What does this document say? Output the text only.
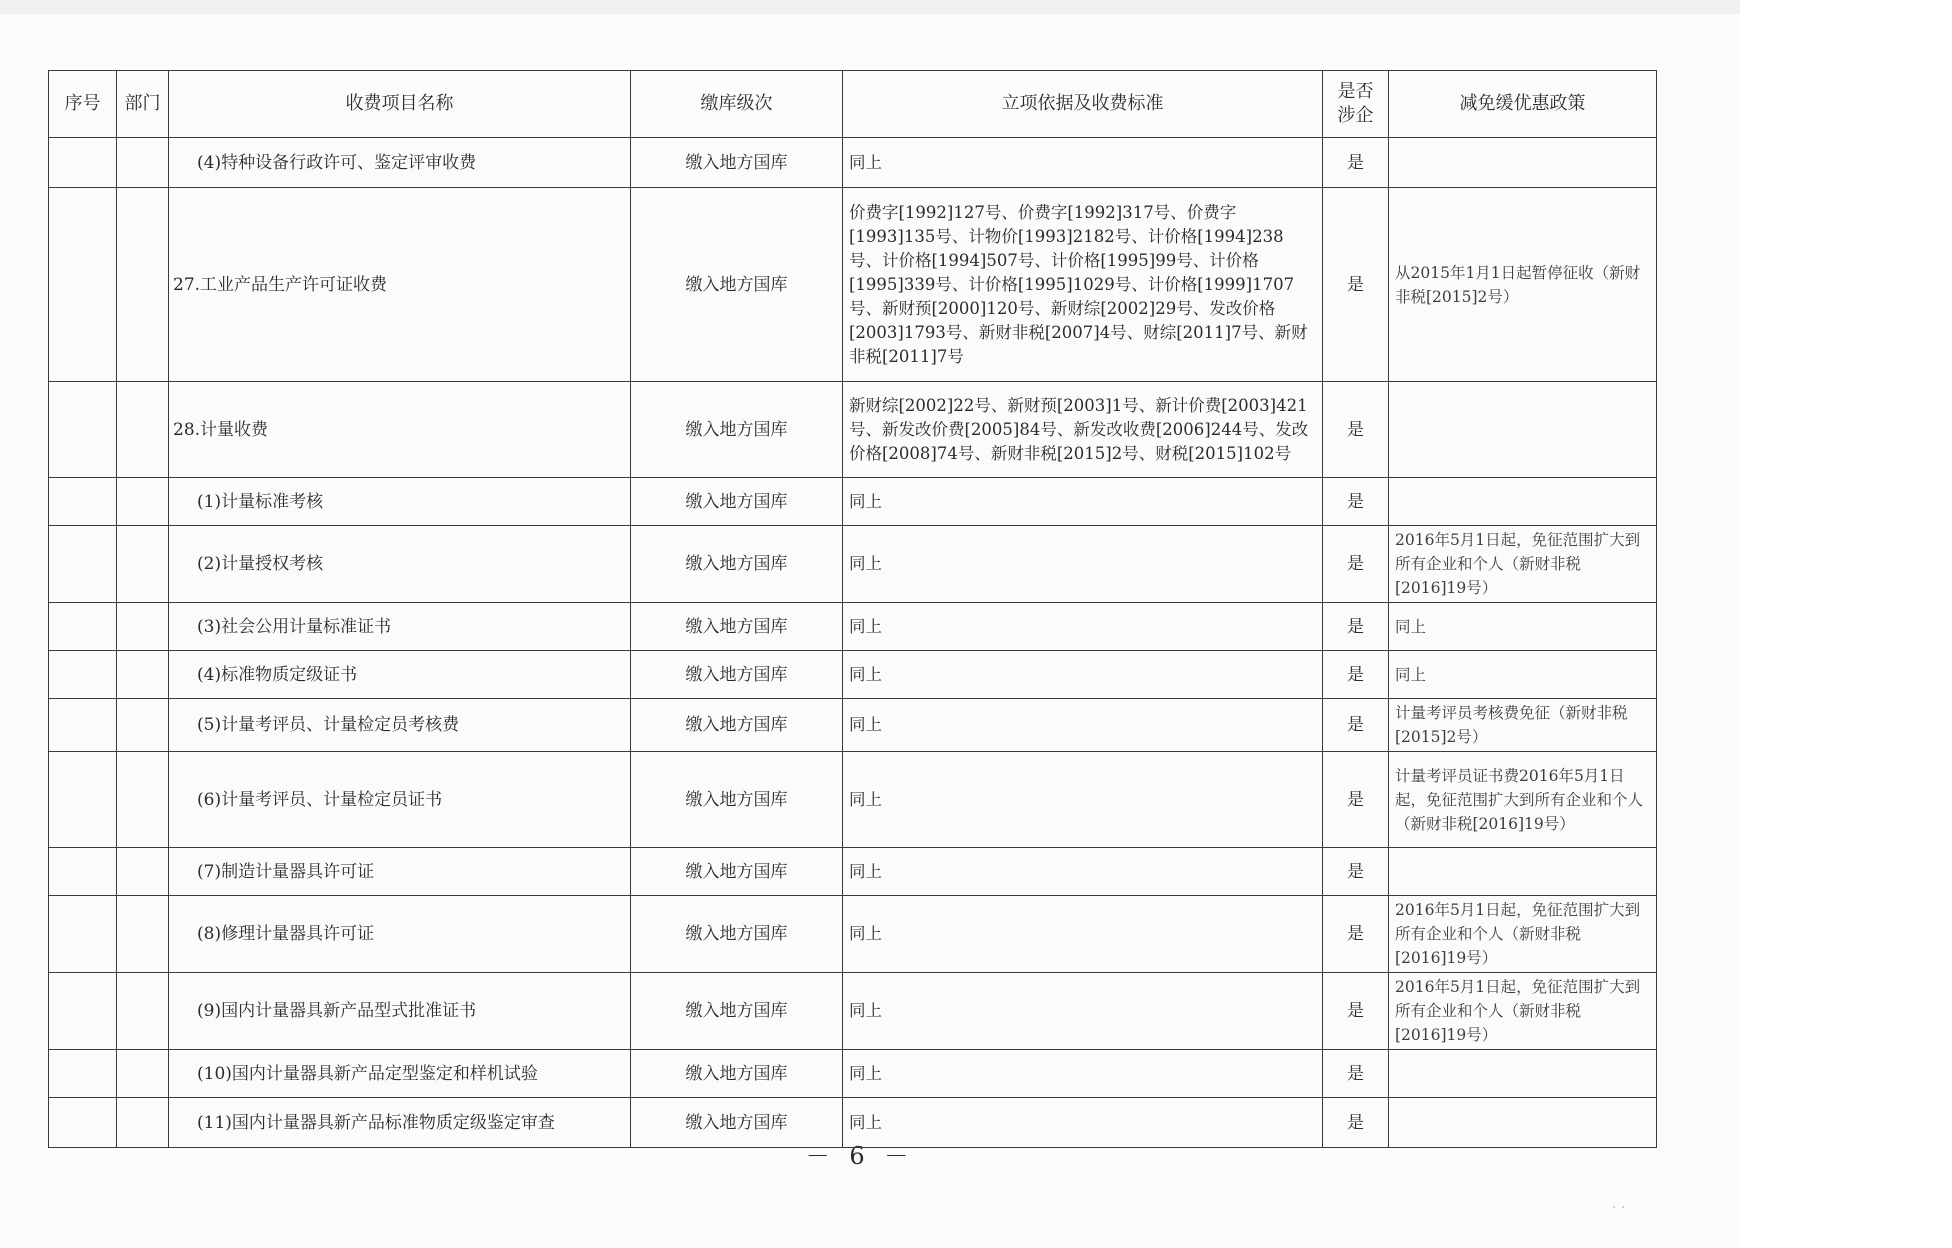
序号	部门	收费项目名称	缴库级次	立项依据及收费标准	是否涉企	减免缓优惠政策
		(4)特种设备行政许可、鉴定评审收费	缴入地方国库	同上	是	
		27.工业产品生产许可证收费	缴入地方国库	价费字[1992]127号、价费字[1992]317号、价费字[1993]135号、计物价[1993]2182号、计价格[1994]238号、计价格[1994]507号、计价格[1995]99号、计价格[1995]339号、计价格[1995]1029号、计价格[1999]1707号、新财预[2000]120号、新财综[2002]29号、发改价格[2003]1793号、新财非税[2007]4号、财综[2011]7号、新财非税[2011]7号	是	从2015年1月1日起暂停征收（新财非税[2015]2号）
		28.计量收费	缴入地方国库	新财综[2002]22号、新财预[2003]1号、新计价费[2003]421号、新发改价费[2005]84号、新发改收费[2006]244号、发改价格[2008]74号、新财非税[2015]2号、财税[2015]102号	是	
		(1)计量标准考核	缴入地方国库	同上	是	
		(2)计量授权考核	缴入地方国库	同上	是	2016年5月1日起，免征范围扩大到所有企业和个人（新财非税[2016]19号）
		(3)社会公用计量标准证书	缴入地方国库	同上	是	同上
		(4)标准物质定级证书	缴入地方国库	同上	是	同上
		(5)计量考评员、计量检定员考核费	缴入地方国库	同上	是	计量考评员考核费免征（新财非税[2015]2号）
		(6)计量考评员、计量检定员证书	缴入地方国库	同上	是	计量考评员证书费2016年5月1日起，免征范围扩大到所有企业和个人（新财非税[2016]19号）
		(7)制造计量器具许可证	缴入地方国库	同上	是	
		(8)修理计量器具许可证	缴入地方国库	同上	是	2016年5月1日起，免征范围扩大到所有企业和个人（新财非税[2016]19号）
		(9)国内计量器具新产品型式批准证书	缴入地方国库	同上	是	2016年5月1日起，免征范围扩大到所有企业和个人（新财非税[2016]19号）
		(10)国内计量器具新产品定型鉴定和样机试验	缴入地方国库	同上	是	
		(11)国内计量器具新产品标准物质定级鉴定审查	缴入地方国库	同上	是	
－ 6 －
· ·
